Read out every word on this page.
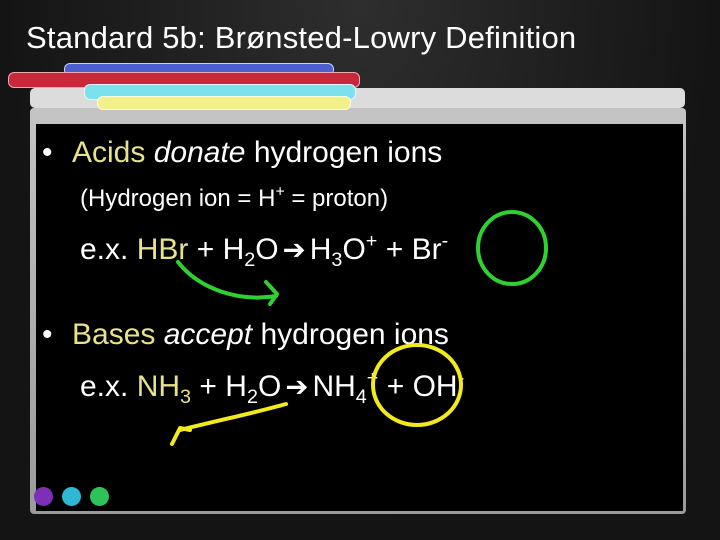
Standard 5b: Brønsted-Lowry Definition
• Acids donate hydrogen ions
(Hydrogen ion = H+ = proton)
e.x. HBr + $H_2O$ ➔ $H_3O^+ + Br^-$
• Bases accept hydrogen ions
e.x. $NH_3 + H_2O$ ➔ $NH_4^+ + OH^-$
